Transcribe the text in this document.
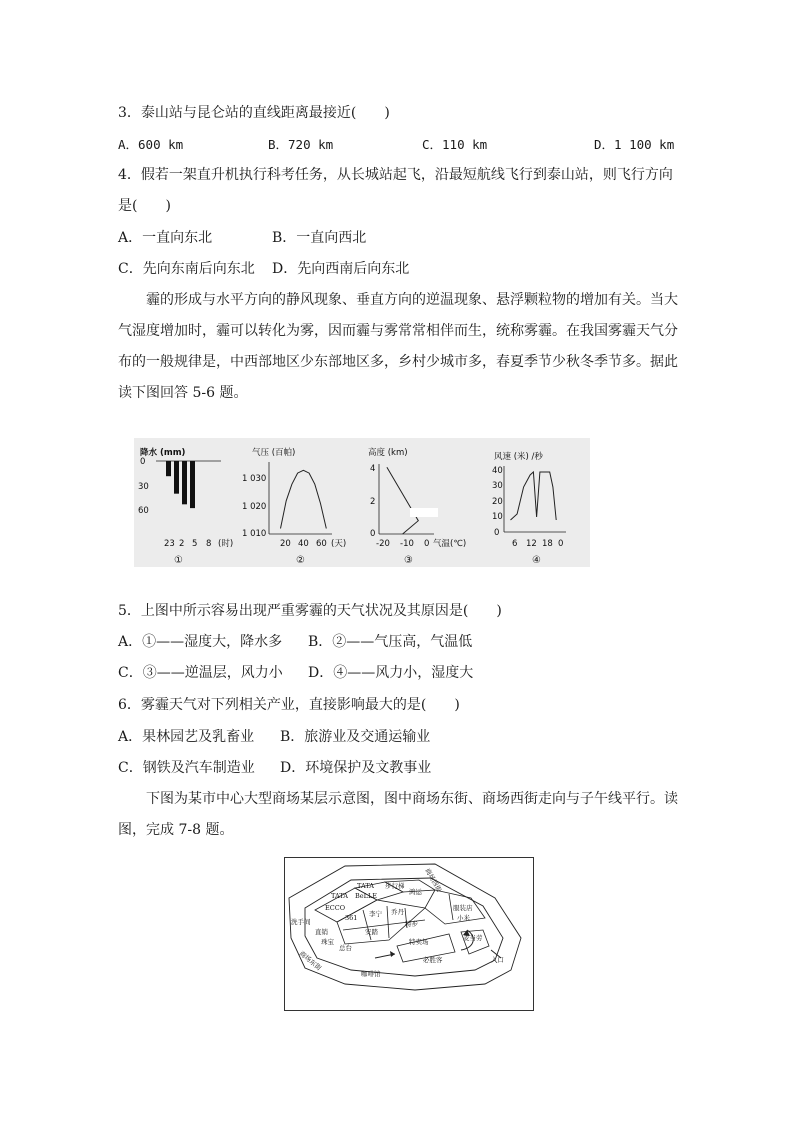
3．泰山站与昆仑站的直线距离最接近(　　)
A．600 km	B．720 km	C．110 km	D．1 100 km
4．假若一架直升机执行科考任务，从长城站起飞，沿最短航线飞行到泰山站，则飞行方向
是(　　)
A．一直向东北	B．一直向西北
C．先向东南后向东北 D．先向西南后向东北
霾的形成与水平方向的静风现象、垂直方向的逆温现象、悬浮颗粒物的增加有关。当大
气湿度增加时，霾可以转化为雾，因而霾与雾常常相伴而生，统称雾霾。在我国雾霾天气分
布的一般规律是，中西部地区少东部地区多，乡村少城市多，春夏季节少秋冬季节多。据此
读下图回答 5-6 题。
降水 (mm)
0
30
60
23 2 5 8 (时)
①
气压 (百帕)
1 030
1 020
1 010
20 40 60 (天)
②
高度 (km)
4
2
0
-20 -10 0 气温(℃)
③
风速 (米) /秒
40
30
20
10
0
6 12 18 0
④
5．上图中所示容易出现严重雾霾的天气状况及其原因是(　　)
A．①——湿度大，降水多 B．②——气压高，气温低
C．③——逆温层，风力小 D．④——风力小，湿度大
6．雾霾天气对下列相关产业，直接影响最大的是(　　)
A．果林园艺及乳畜业 B．旅游业及交通运输业
C．钢铁及汽车制造业 D．环境保护及文教事业
下图为某市中心大型商场某层示意图，图中商场东街、商场西街走向与子午线平行。读
图，完成 7-8 题。
ECCO
TATA
TATA
BeLLE
步行梯
鸿运
洗手间
直销
珠宝
总台
361 李宁 乔丹
安踏
特步
特卖场
必胜客
咖啡馆
麦当劳
服装店
小米
商场东街
商场西街
入口
